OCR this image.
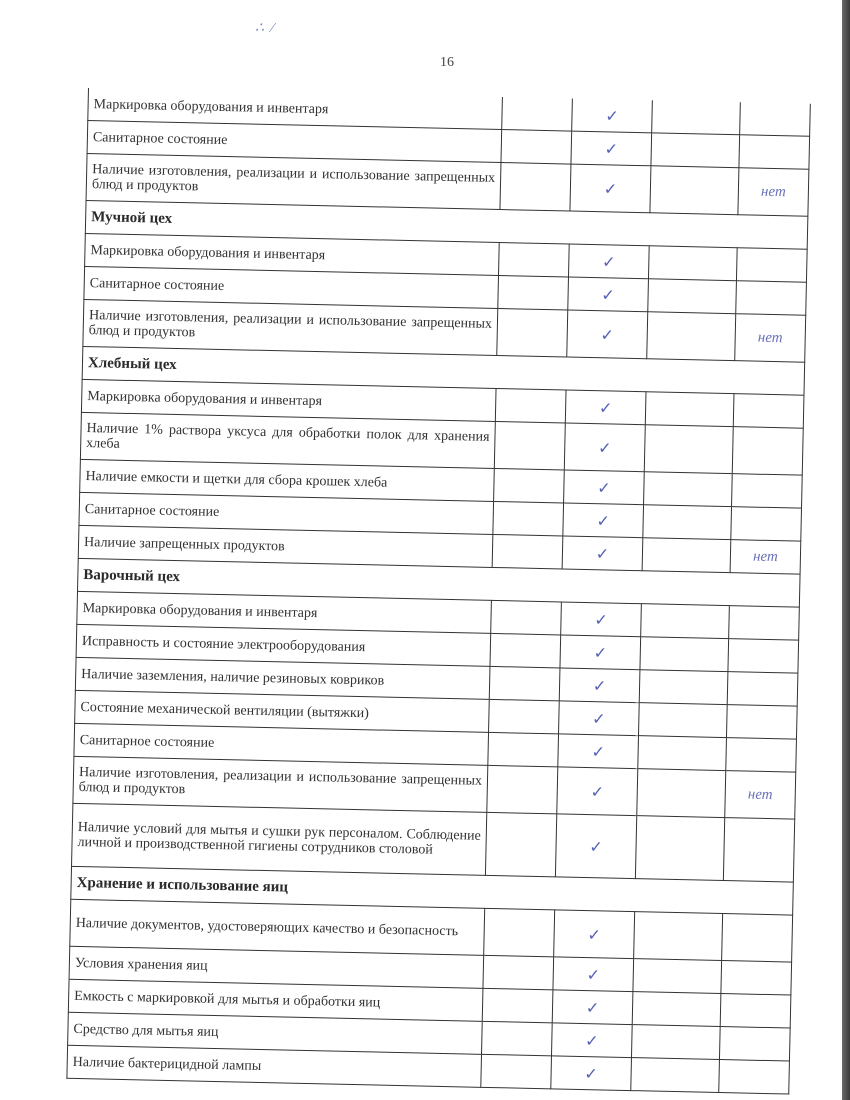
∴ ⁄
16
Маркировка оборудования и инвентаря		✓		
Санитарное состояние		✓		
Наличие изготовления, реализации и использование запрещенных блюд и продуктов		✓		нет
Мучной цех				
Маркировка оборудования и инвентаря		✓		
Санитарное состояние		✓		
Наличие изготовления, реализации и использование запрещенных блюд и продуктов		✓		нет
Хлебный цех				
Маркировка оборудования и инвентаря		✓		
Наличие 1% раствора уксуса для обработки полок для хранения хлеба		✓		
Наличие емкости и щетки для сбора крошек хлеба		✓		
Санитарное состояние		✓		
Наличие запрещенных продуктов		✓		нет
Варочный цех				
Маркировка оборудования и инвентаря		✓		
Исправность и состояние электрооборудования		✓		
Наличие заземления, наличие резиновых ковриков		✓		
Состояние механической вентиляции (вытяжки)		✓		
Санитарное состояние		✓		
Наличие изготовления, реализации и использование запрещенных блюд и продуктов		✓		нет
Наличие условий для мытья и сушки рук персоналом. Соблюдение личной и производственной гигиены сотрудников столовой		✓		
Хранение и использование яиц				
Наличие документов, удостоверяющих качество и безопасность		✓		
Условия хранения яиц		✓		
Емкость с маркировкой для мытья и обработки яиц		✓		
Средство для мытья яиц		✓		
Наличие бактерицидной лампы		✓		
